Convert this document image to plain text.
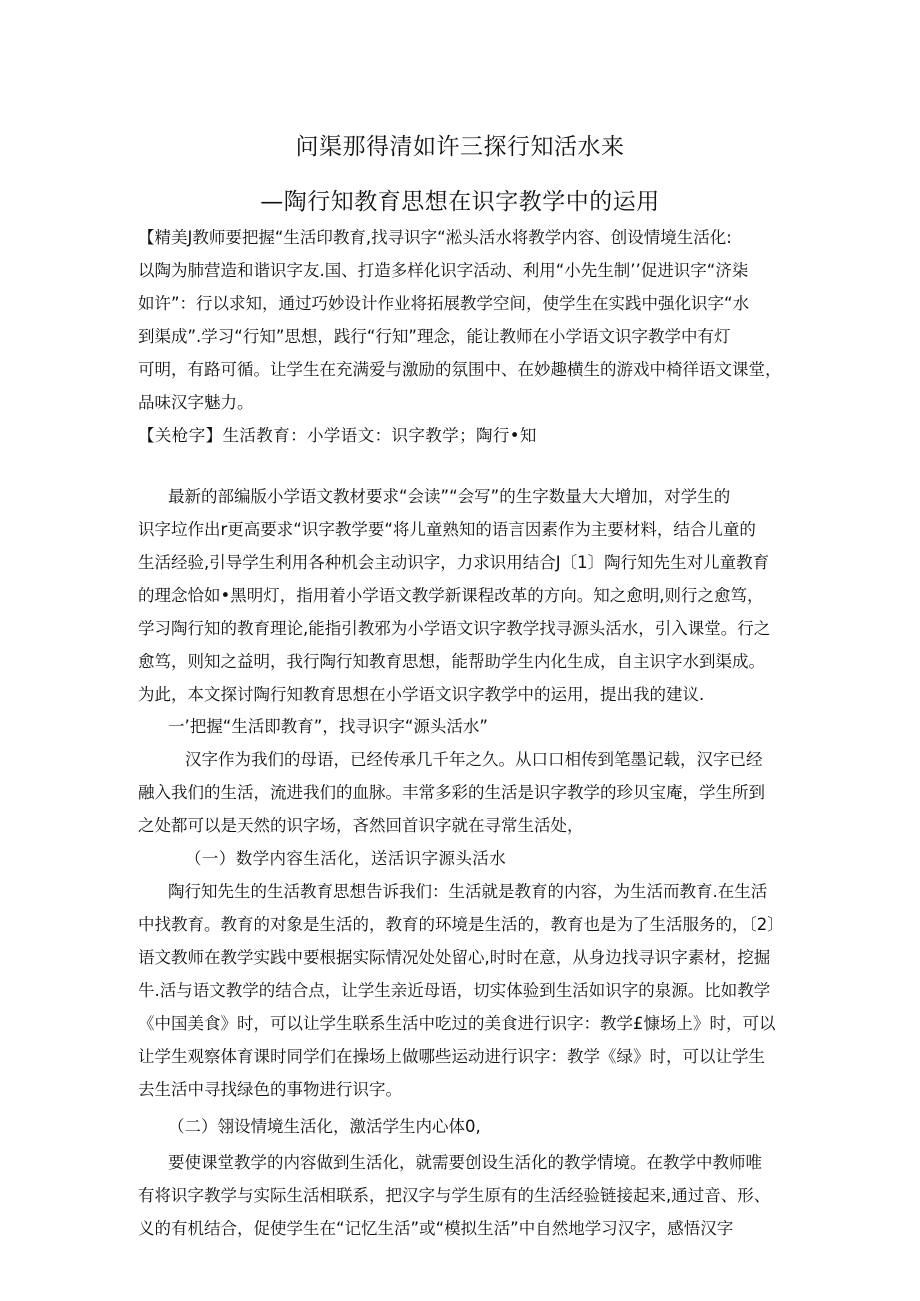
问渠那得清如许三探行知活水来
—陶行知教育思想在识字教学中的运用
【精美J教师要把握“生活印教育,找寻识字“淞头活水将教学内容、创设情境生活化:
以陶为肺营造和谐识字友.国、打造多样化识字活动、利用“小先生制’’促进识字“济柒
如许”：行以求知，通过巧妙设计作业将拓展教学空间，使学生在实践中强化识字“水
到渠成”.学习“行知”思想，践行“行知”理念，能让教师在小学语文识字教学中有灯
可明，有路可循。让学生在充满爱与激励的氛围中、在妙趣横生的游戏中椅徉语文课堂，
品味汉字魅力。
【关枪字】生活教育：小学语文：识字教学；陶行•知
最新的部编版小学语文教材要求“会读”“会写”的生字数量大大增加，对学生的
识字垃作出r更高要求“识字教学要“将儿童熟知的语言因素作为主要材料，结合儿童的
生活经验,引导学生利用各种机会主动识字，力求识用结合J〔1〕陶行知先生对儿童教育
的理念恰如•黑明灯，指用着小学语文教学新课程改革的方向。知之愈明,则行之愈笃，
学习陶行知的教育理论,能指引教邪为小学语文识字教学找寻源头活水，引入课堂。行之
愈笃，则知之益明，我行陶行知教育思想，能帮助学生内化生成，自主识字水到渠成。
为此，本文探讨陶行知教育思想在小学语文识字教学中的运用，提出我的建议.
一’把握“生活即教育”，找寻识字“源头活水”
汉字作为我们的母语，已经传承几千年之久。从口口相传到笔墨记载，汉字已经
融入我们的生活，流进我们的血脉。丰常多彩的生活是识字教学的珍贝宝庵，学生所到
之处都可以是天然的识字场，吝然回首识字就在寻常生活处，
（一）数学内容生活化，送活识字源头活水
陶行知先生的生活教育思想告诉我们：生活就是教育的内容，为生活而教育.在生活
中找教育。教育的对象是生活的，教育的环境是生活的，教育也是为了生活服务的，〔2〕
语文教师在教学实践中要根据实际情况处处留心,时时在意，从身边找寻识字素材，挖掘
牛.活与语文教学的结合点，让学生亲近母语，切实体验到生活如识字的泉源。比如教学
《中国美食》时，可以让学生联系生活中吃过的美食进行识字：教学£慷场上》时，可以
让学生观察体育课时同学们在操场上做哪些运动进行识字：教学《绿》时，可以让学生
去生活中寻找绿色的事物进行识字。
（二）翎设情境生活化，激活学生内心体0,
要使课堂教学的内容做到生活化，就需要创设生活化的教学情境。在教学中教师唯
有将识字教学与实际生活相联系，把汉字与学生原有的生活经验链接起来,通过音、形、
义的有机结合，促使学生在“记忆生活”或“模拟生活”中自然地学习汉字，感悟汉字
